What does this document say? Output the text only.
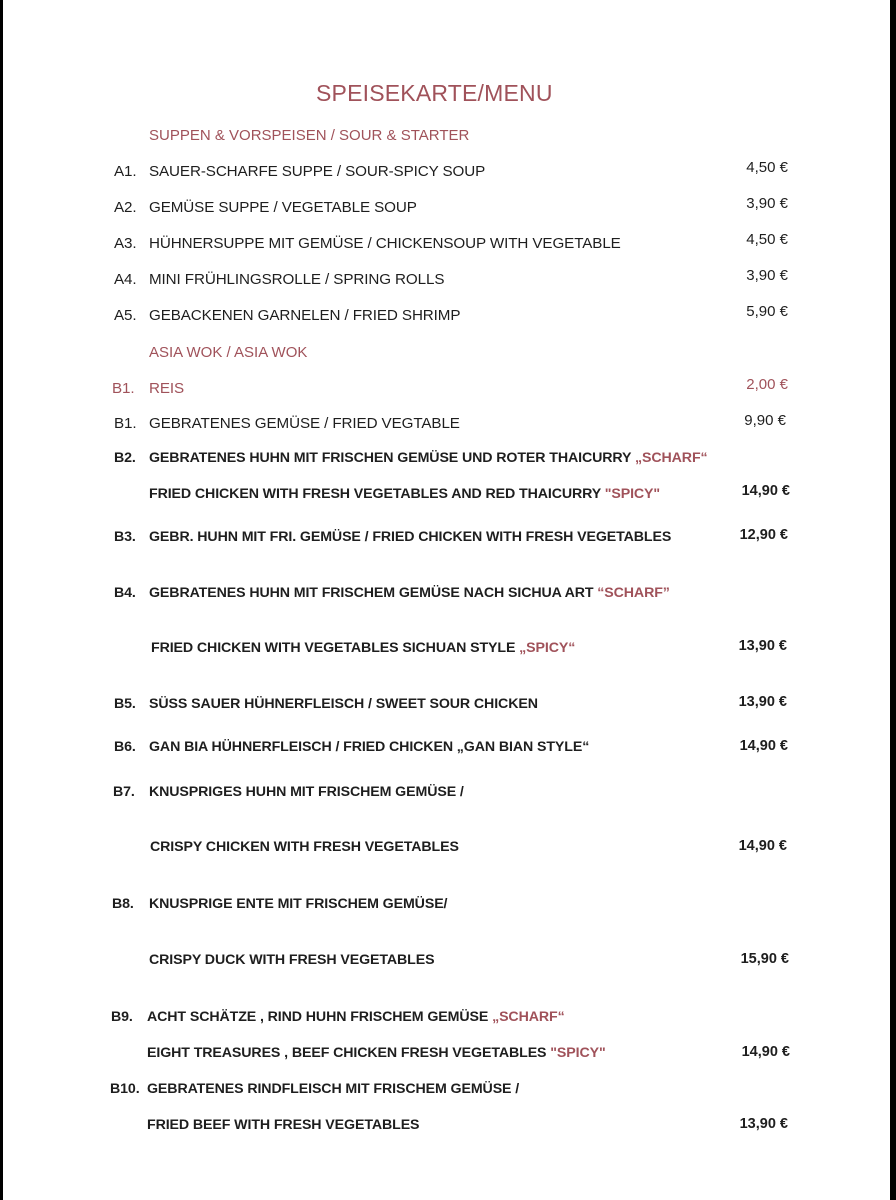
SPEISEKARTE/MENU
SUPPEN & VORSPEISEN / SOUR & STARTER
A1. SAUER-SCHARFE SUPPE / SOUR-SPICY SOUP	4,50 €
A2. GEMÜSE SUPPE / VEGETABLE SOUP	3,90 €
A3. HÜHNERSUPPE MIT GEMÜSE / CHICKENSOUP WITH VEGETABLE	4,50 €
A4. MINI FRÜHLINGSROLLE / SPRING ROLLS	3,90 €
A5. GEBACKENEN GARNELEN / FRIED SHRIMP	5,90 €
ASIA WOK / ASIA WOK
B1. REIS	2,00 €
B1. GEBRATENES GEMÜSE / FRIED VEGTABLE	9,90 €
B2. GEBRATENES HUHN MIT FRISCHEN GEMÜSE UND ROTER THAICURRY „SCHARF“
FRIED CHICKEN WITH FRESH VEGETABLES AND RED THAICURRY "SPICY"	14,90 €
B3. GEBR. HUHN MIT FRI. GEMÜSE / FRIED CHICKEN WITH FRESH VEGETABLES	12,90 €
B4. GEBRATENES HUHN MIT FRISCHEM GEMÜSE NACH SICHUA ART “SCHARF”
FRIED CHICKEN WITH VEGETABLES SICHUAN STYLE „SPICY“	13,90 €
B5. SÜSS SAUER HÜHNERFLEISCH / SWEET SOUR CHICKEN	13,90 €
B6. GAN BIA HÜHNERFLEISCH / FRIED CHICKEN „GAN BIAN STYLE“	14,90 €
B7. KNUSPRIGES HUHN MIT FRISCHEM GEMÜSE /
CRISPY CHICKEN WITH FRESH VEGETABLES	14,90 €
B8. KNUSPRIGE ENTE MIT FRISCHEM GEMÜSE/
CRISPY DUCK WITH FRESH VEGETABLES	15,90 €
B9. ACHT SCHÄTZE , RIND HUHN FRISCHEM GEMÜSE „SCHARF“
EIGHT TREASURES , BEEF CHICKEN FRESH VEGETABLES "SPICY"	14,90 €
B10. GEBRATENES RINDFLEISCH MIT FRISCHEM GEMÜSE /
FRIED BEEF WITH FRESH VEGETABLES	13,90 €
